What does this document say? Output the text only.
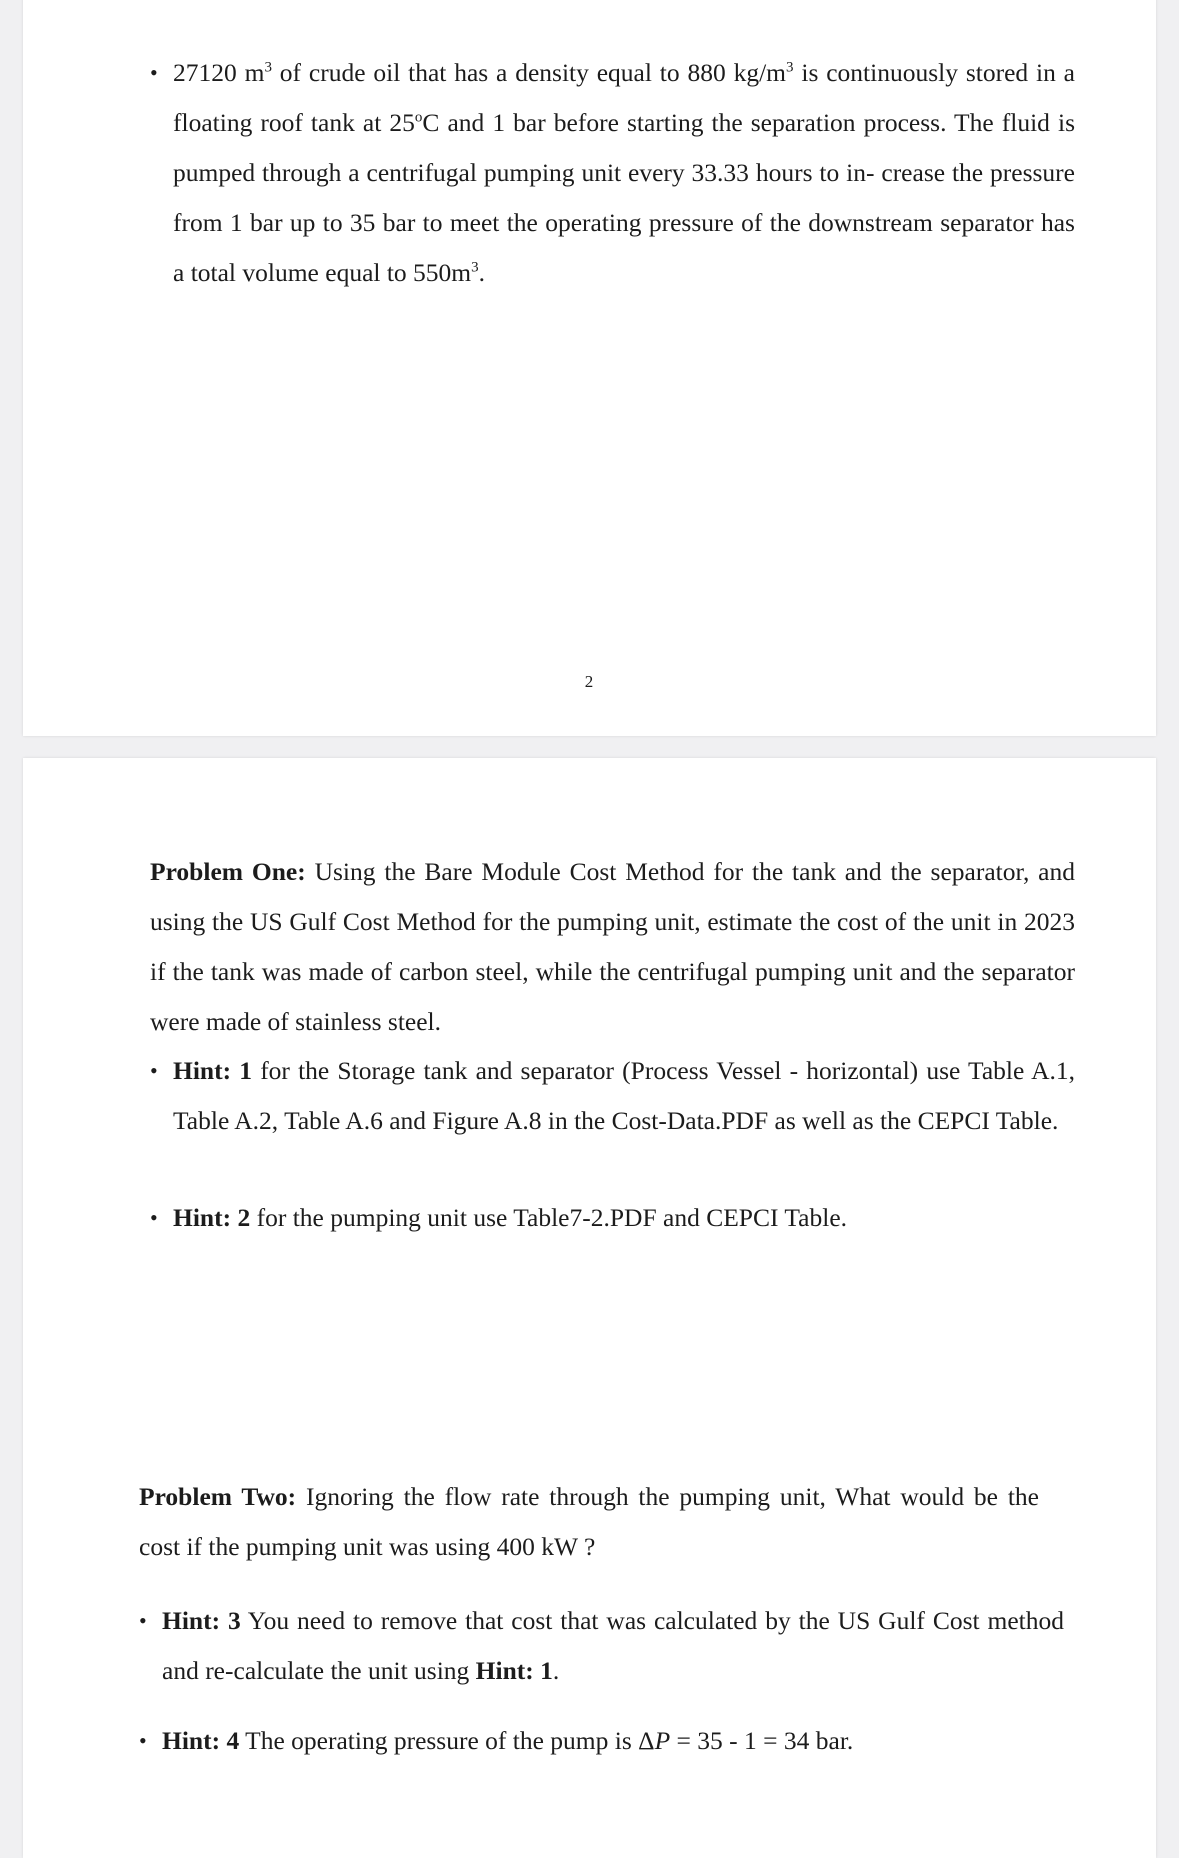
• 27120 $m^3$ of crude oil that has a density equal to 880 $kg/m^3$ is continuously stored in a floating roof tank at 25$^o$C and 1 bar before starting the separation process. The fluid is pumped through a centrifugal pumping unit every 33.33 hours to in- crease the pressure from 1 bar up to 35 bar to meet the operating pressure of the downstream separator has a total volume equal to $550m^3$.

2

Problem One: Using the Bare Module Cost Method for the tank and the separator, and using the US Gulf Cost Method for the pumping unit, estimate the cost of the unit in 2023 if the tank was made of carbon steel, while the centrifugal pumping unit and the separator were made of stainless steel.

• Hint: 1 for the Storage tank and separator (Process Vessel - horizontal) use Table A.1, Table A.2, Table A.6 and Figure A.8 in the Cost-Data.PDF as well as the CEPCI Table.

• Hint: 2 for the pumping unit use Table7-2.PDF and CEPCI Table.

Problem Two: Ignoring the flow rate through the pumping unit, What would be the cost if the pumping unit was using 400 kW ?

• Hint: 3 You need to remove that cost that was calculated by the US Gulf Cost method and re-calculate the unit using Hint: 1.

• Hint: 4 The operating pressure of the pump is ΔP = 35 - 1 = 34 bar.
